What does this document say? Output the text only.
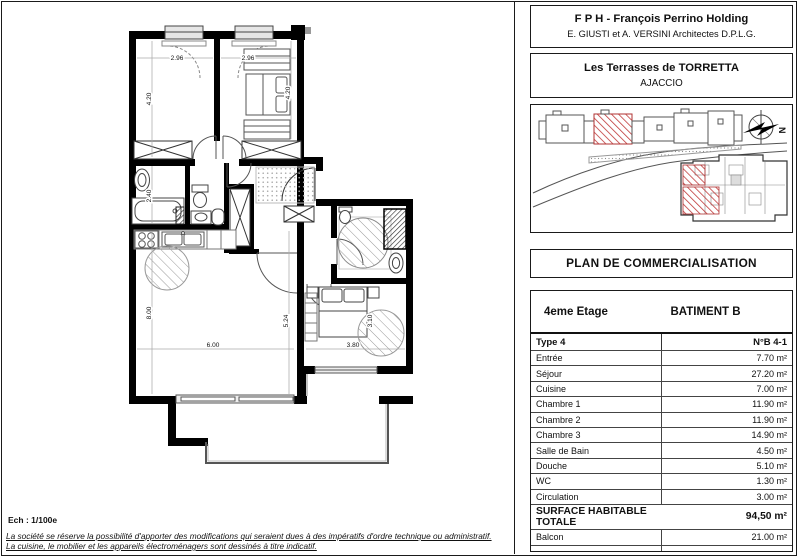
2.96	2.96
4.20	4.20
2.40
8.00
5.24
6.00	3.80
3.10
Ech : 1/100e
La société se réserve la possibilité d'apporter des modifications qui seraient dues à des impératifs d'ordre technique ou administratif.
La cuisine, le mobilier et les appareils électroménagers sont dessinés à titre indicatif.
F P H - François Perrino Holding
E. GIUSTI et A. VERSINI Architectes D.P.L.G.
Les Terrasses de TORRETTA
AJACCIO
N
PLAN DE COMMERCIALISATION
4eme Etage	BATIMENT B
Type 4	N°B 4-1
Entrée	7.70 m²
Séjour	27.20 m²
Cuisine	7.00 m²
Chambre 1	11.90 m²
Chambre 2	11.90 m²
Chambre 3	14.90 m²
Salle de Bain	4.50 m²
Douche	5.10 m²
WC	1.30 m²
Circulation	3.00 m²
SURFACE HABITABLE TOTALE	94,50 m²
Balcon	21.00 m²
